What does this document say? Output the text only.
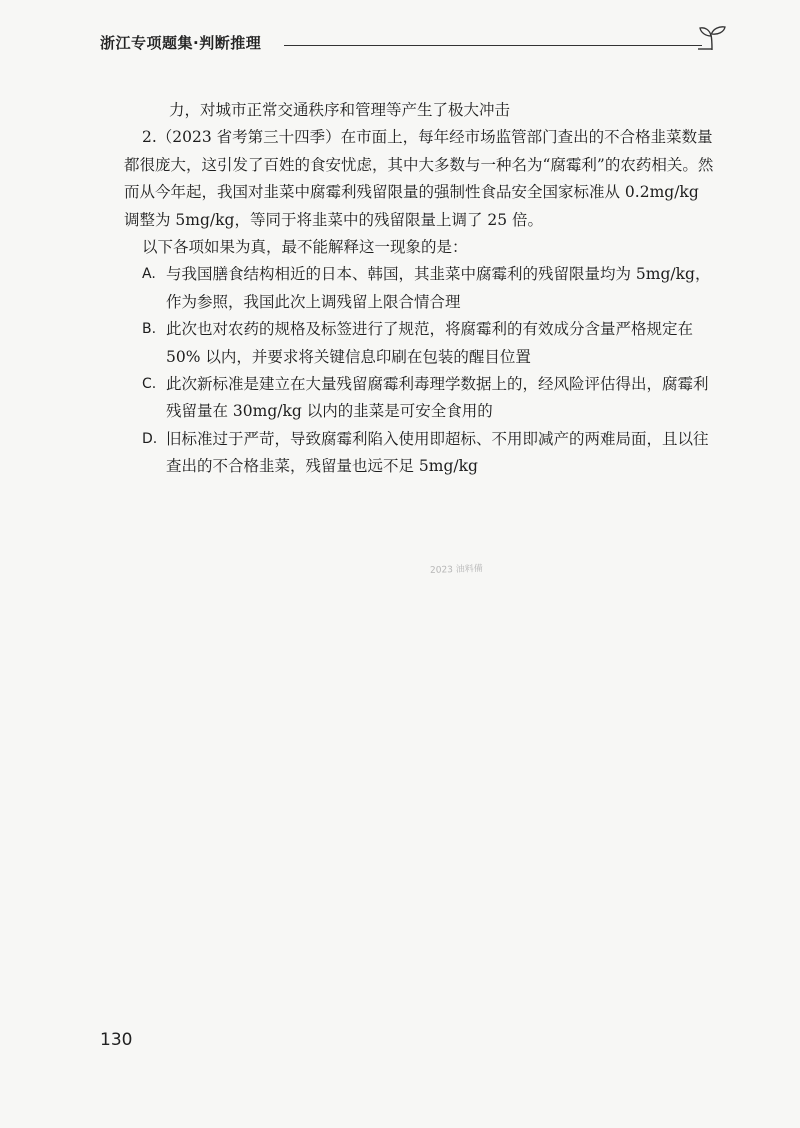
浙江专项题集·判断推理

力，对城市正常交通秩序和管理等产生了极大冲击

2.（2023 省考第三十四季）在市面上，每年经市场监管部门查出的不合格韭菜数量都很庞大，这引发了百姓的食安忧虑，其中大多数与一种名为“腐霉利”的农药相关。然而从今年起，我国对韭菜中腐霉利残留限量的强制性食品安全国家标准从 0.2mg/kg 调整为 5mg/kg，等同于将韭菜中的残留限量上调了 25 倍。

以下各项如果为真，最不能解释这一现象的是：

A. 与我国膳食结构相近的日本、韩国，其韭菜中腐霉利的残留限量均为 5mg/kg，作为参照，我国此次上调残留上限合情合理
B. 此次也对农药的规格及标签进行了规范，将腐霉利的有效成分含量严格规定在 50% 以内，并要求将关键信息印刷在包装的醒目位置
C. 此次新标准是建立在大量残留腐霉利毒理学数据上的，经风险评估得出，腐霉利残留量在 30mg/kg 以内的韭菜是可安全食用的
D. 旧标准过于严苛，导致腐霉利陷入使用即超标、不用即减产的两难局面，且以往查出的不合格韭菜，残留量也远不足 5mg/kg
2023 油料備
130
